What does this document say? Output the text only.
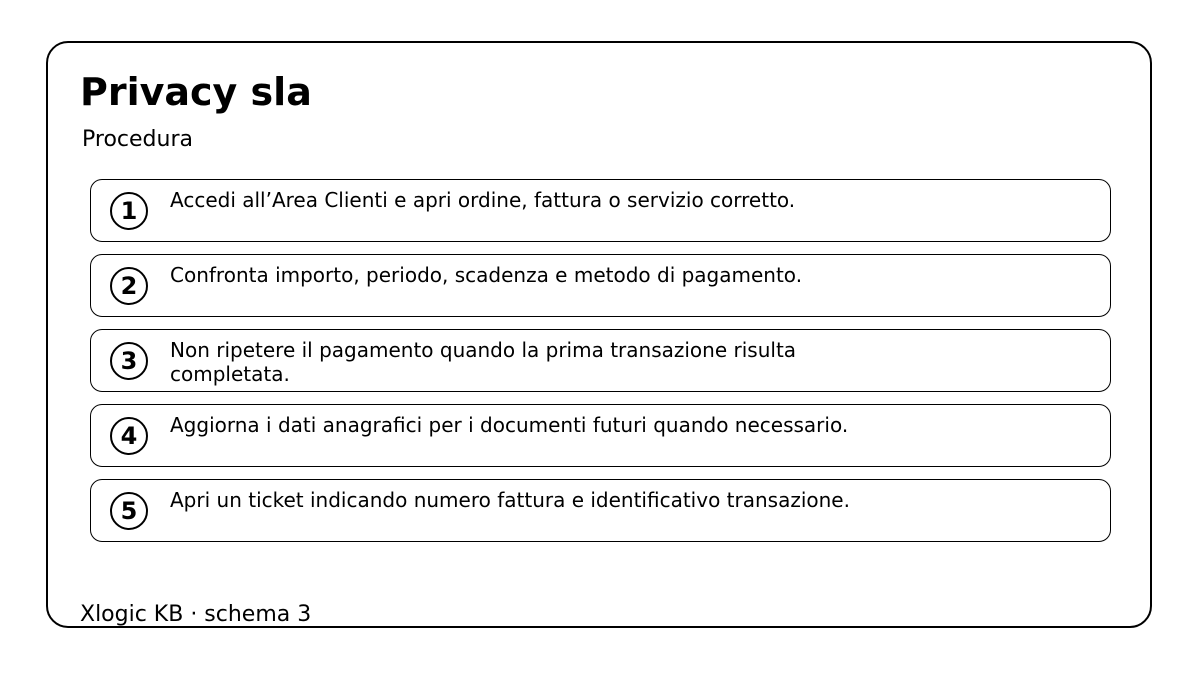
Privacy sla
Procedura
1	Accedi all’Area Clienti e apri ordine, fattura o servizio corretto.
2	Confronta importo, periodo, scadenza e metodo di pagamento.
3	Non ripetere il pagamento quando la prima transazione risulta completata.
4	Aggiorna i dati anagrafici per i documenti futuri quando necessario.
5	Apri un ticket indicando numero fattura e identificativo transazione.
Xlogic KB · schema 3
